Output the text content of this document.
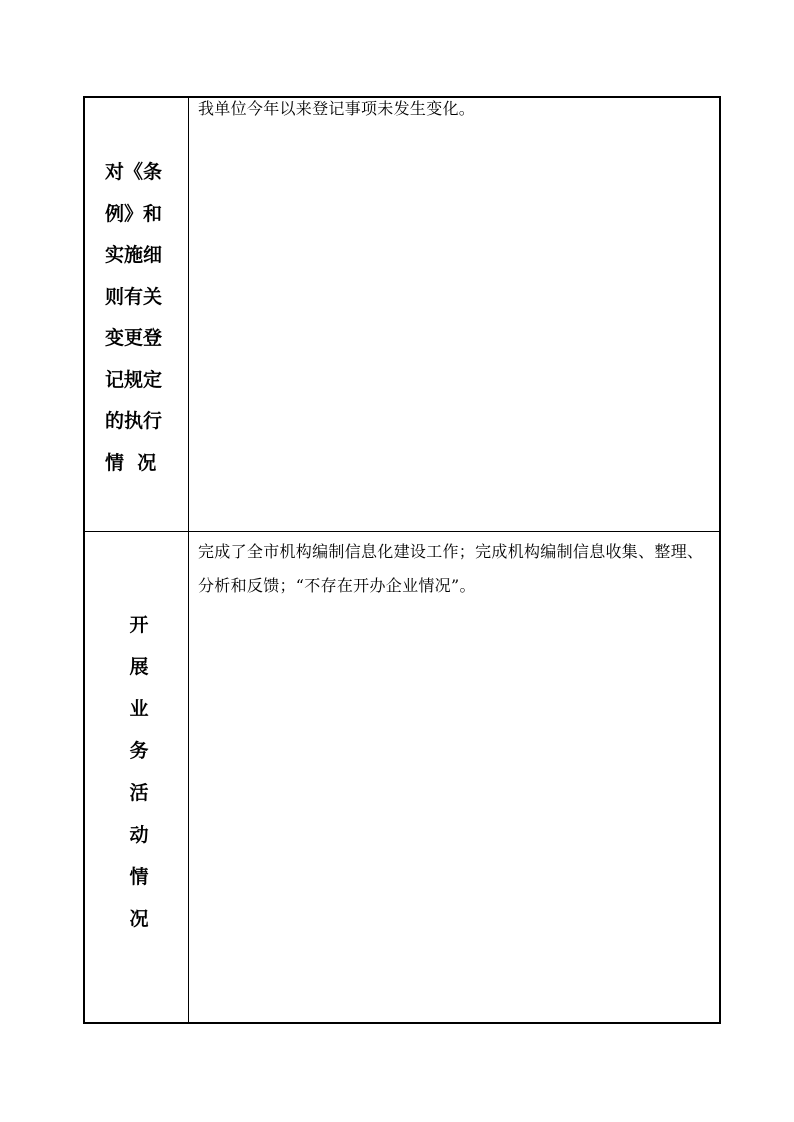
对《条
例》和
实施细
则有关
变更登
记规定
的执行
情  况
我单位今年以来登记事项未发生变化。
开
展
业
务
活
动
情
况
完成了全市机构编制信息化建设工作；完成机构编制信息收集、整理、分析和反馈；“不存在开办企业情况”。
